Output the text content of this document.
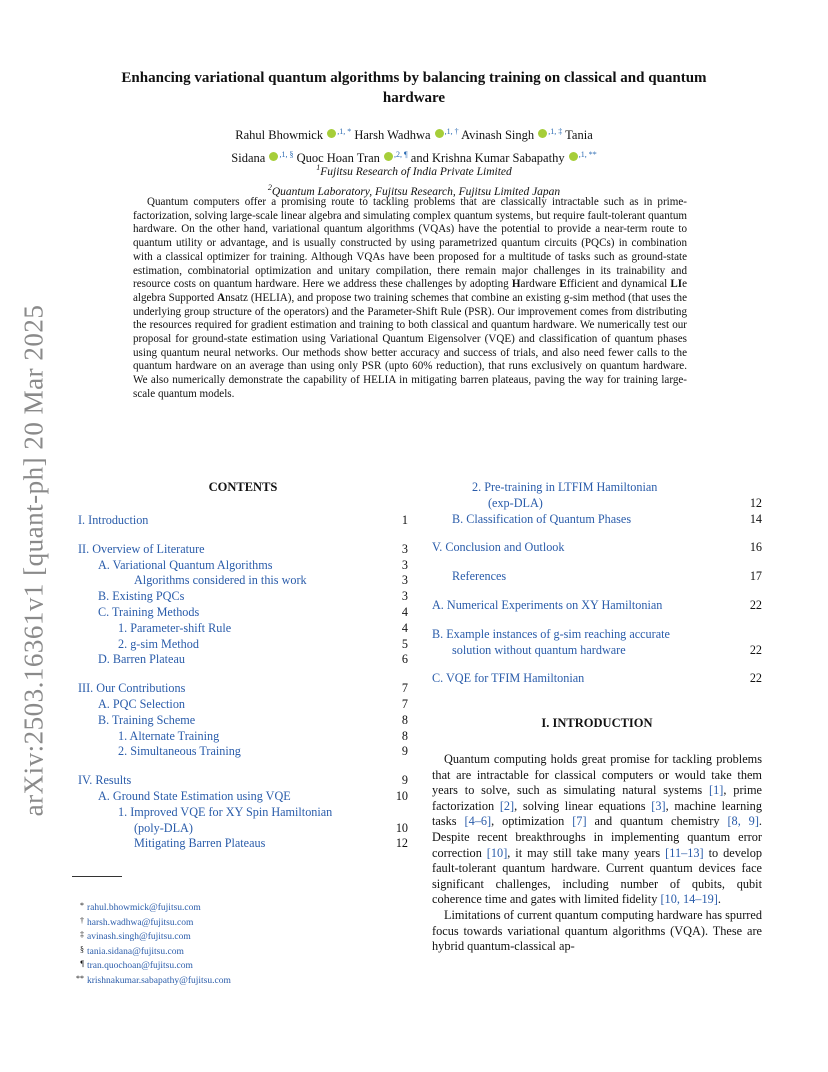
arXiv:2503.16361v1 [quant-ph] 20 Mar 2025
Enhancing variational quantum algorithms by balancing training on classical and quantum hardware
Rahul Bhowmick $^{,1, *}$ Harsh Wadhwa $^{,1, \dagger}$ Avinash Singh $^{,1, \ddagger}$ Tania
Sidana $^{,1, \S}$ Quoc Hoan Tran $^{,2, \P}$ and Krishna Kumar Sabapathy $^{,1, **}$
$^1$Fujitsu Research of India Private Limited
$^2$Quantum Laboratory, Fujitsu Research, Fujitsu Limited Japan
Quantum computers offer a promising route to tackling problems that are classically intractable such as in prime-factorization, solving large-scale linear algebra and simulating complex quantum systems, but require fault-tolerant quantum hardware. On the other hand, variational quantum algorithms (VQAs) have the potential to provide a near-term route to quantum utility or advantage, and is usually constructed by using parametrized quantum circuits (PQCs) in combination with a classical optimizer for training. Although VQAs have been proposed for a multitude of tasks such as ground-state estimation, combinatorial optimization and unitary compilation, there remain major challenges in its trainability and resource costs on quantum hardware. Here we address these challenges by adopting Hardware Efficient and dynamical LIe algebra Supported Ansatz (HELIA), and propose two training schemes that combine an existing g-sim method (that uses the underlying group structure of the operators) and the Parameter-Shift Rule (PSR). Our improvement comes from distributing the resources required for gradient estimation and training to both classical and quantum hardware. We numerically test our proposal for ground-state estimation using Variational Quantum Eigensolver (VQE) and classification of quantum phases using quantum neural networks. Our methods show better accuracy and success of trials, and also need fewer calls to the quantum hardware on an average than using only PSR (upto 60% reduction), that runs exclusively on quantum hardware. We also numerically demonstrate the capability of HELIA in mitigating barren plateaus, paving the way for training large-scale quantum models.
CONTENTS
I. Introduction	1
II. Overview of Literature	3
A. Variational Quantum Algorithms	3
Algorithms considered in this work	3
B. Existing PQCs	3
C. Training Methods	4
1. Parameter-shift Rule	4
2. g-sim Method	5
D. Barren Plateau	6
III. Our Contributions	7
A. PQC Selection	7
B. Training Scheme	8
1. Alternate Training	8
2. Simultaneous Training	9
IV. Results	9
A. Ground State Estimation using VQE	10
1. Improved VQE for XY Spin Hamiltonian
(poly-DLA)	10
Mitigating Barren Plateaus	12
2. Pre-training in LTFIM Hamiltonian
(exp-DLA)	12
B. Classification of Quantum Phases	14
V. Conclusion and Outlook	16
References	17
A. Numerical Experiments on XY Hamiltonian	22
B. Example instances of g-sim reaching accurate
solution without quantum hardware	22
C. VQE for TFIM Hamiltonian	22
* rahul.bhowmick@fujitsu.com
† harsh.wadhwa@fujitsu.com
‡ avinash.singh@fujitsu.com
§ tania.sidana@fujitsu.com
¶ tran.quochoan@fujitsu.com
** krishnakumar.sabapathy@fujitsu.com
I. INTRODUCTION

Quantum computing holds great promise for tackling problems that are intractable for classical computers or would take them years to solve, such as simulating natural systems [1], prime factorization [2], solving linear equations [3], machine learning tasks [4–6], optimization [7] and quantum chemistry [8, 9]. Despite recent breakthroughs in implementing quantum error correction [10], it may still take many years [11–13] to develop fault-tolerant quantum hardware. Current quantum devices face significant challenges, including number of qubits, qubit coherence time and gates with limited fidelity [10, 14–19].

Limitations of current quantum computing hardware has spurred focus towards variational quantum algorithms (VQA). These are hybrid quantum-classical ap-
